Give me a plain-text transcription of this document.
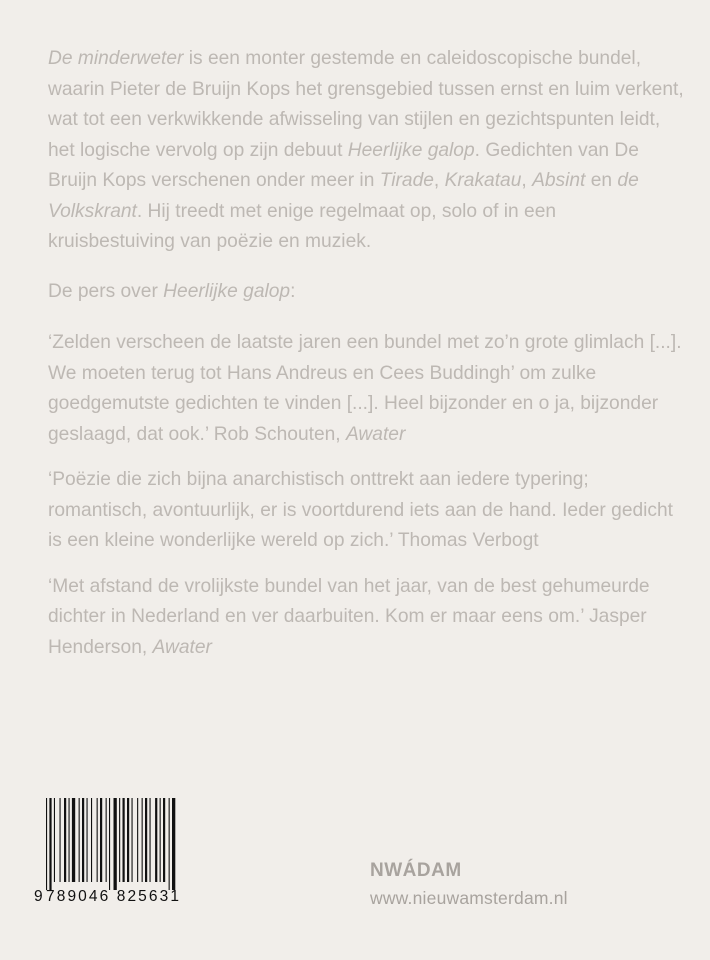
De minderweter is een monter gestemde en caleidoscopische bundel, waarin Pieter de Bruijn Kops het grensgebied tussen ernst en luim verkent, wat tot een verkwikkende afwisseling van stijlen en gezichtspunten leidt, het logische vervolg op zijn debuut Heerlijke galop. Gedichten van De Bruijn Kops verschenen onder meer in Tirade, Krakatau, Absint en de Volkskrant. Hij treedt met enige regelmaat op, solo of in een kruisbestuiving van poëzie en muziek.

De pers over Heerlijke galop:

‘Zelden verscheen de laatste jaren een bundel met zo’n grote glimlach [...]. We moeten terug tot Hans Andreus en Cees Buddingh’ om zulke goedgemutste gedichten te vinden [...]. Heel bijzonder en o ja, bijzonder geslaagd, dat ook.’ Rob Schouten, Awater

‘Poëzie die zich bijna anarchistisch onttrekt aan iedere typering; romantisch, avontuurlijk, er is voortdurend iets aan de hand. Ieder gedicht is een kleine wonderlijke wereld op zich.’ Thomas Verbogt

‘Met afstand de vrolijkste bundel van het jaar, van de best gehumeurde dichter in Nederland en ver daarbuiten. Kom er maar eens om.’ Jasper Henderson, Awater

9 789046 825631
NWÁDAM
www.nieuwamsterdam.nl
